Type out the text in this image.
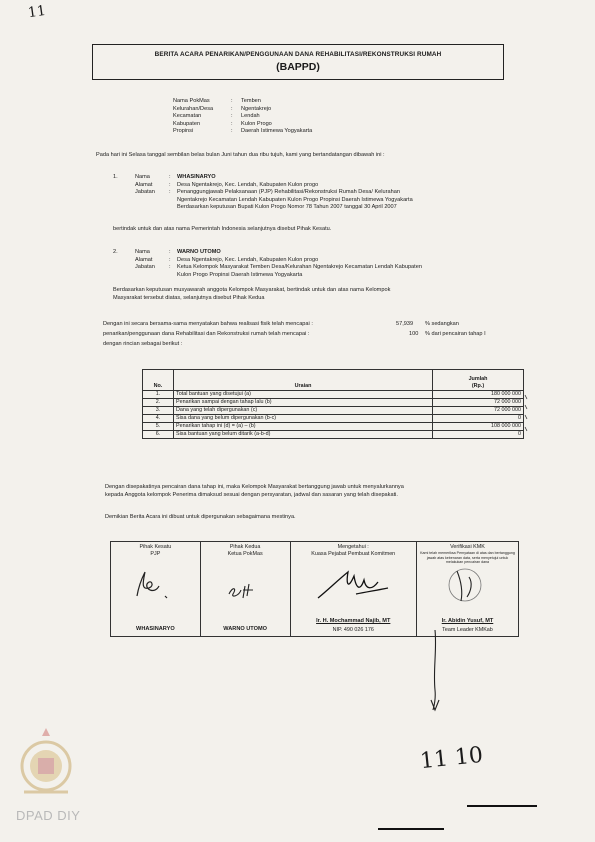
11
BERITA ACARA PENARIKAN/PENGGUNAAN DANA REHABILITASI/REKONSTRUKSI RUMAH
(BAPPD)
Nama PokMas	:	Temben
Kelurahan/Desa	:	Ngentakrejo
Kecamatan	:	Lendah
Kabupaten	:	Kulon Progo
Propinsi	:	Daerah Istimewa Yogyakarta
Pada hari ini Selasa tanggal sembilan belas bulan Juni tahun dua ribu tujuh, kami yang bertandatangan dibawah ini :
1.	Nama	:	WHASINARYO
	Alamat	:	Desa Ngentakrejo, Kec. Lendah, Kabupaten Kulon progo
	Jabatan	:	Penanggungjawab Pelaksanaan (PJP) Rehabilitasi/Rekonstruksi Rumah Desa/ Kelurahan
			Ngentakrejo Kecamatan Lendah Kabupaten Kulon Progo Propinsi Daerah Istimewa Yogyakarta
			Berdasarkan keputusan Bupati Kulon Progo Nomor 78 Tahun 2007 tanggal 30 April 2007
bertindak untuk dan atas nama Pemerintah Indonesia selanjutnya disebut Pihak Kesatu.
2.	Nama	:	WARNO UTOMO
	Alamat	:	Desa Ngentakrejo, Kec. Lendah, Kabupaten Kulon progo
	Jabatan	:	Ketua Kelompok Masyarakat Temben Desa/Kelurahan Ngentakrejo Kecamatan Lendah Kabupaten
			Kulon Progo Propinsi Daerah Istimewa Yogyakarta
Berdasarkan keputusan musyawarah anggota Kelompok Masyarakat, bertindak untuk dan atas nama Kelompok
Masyarakat tersebut diatas, selanjutnya disebut Pihak Kedua
Dengan ini secara bersama-sama menyatakan bahwa realisasi fisik telah mencapai :	57,939 % sedangkan
penarikan/penggunaan dana Rehabilitasi dan Rekonstruksi rumah telah mencapai :	100 % dari pencairan tahap I
dengan rincian sebagai berikut :
No.	Uraian	Jumlah
(Rp.)

1.	Total bantuan yang disetujui (a)	180 000 000
2.	Penarikan sampai dengan tahap lalu (b)	72 000 000
3.	Dana yang telah dipergunakan (c)	72 000 000
4.	Sisa dana yang belum dipergunakan (b-c)	0
5.	Penarikan tahap ini (d) = (a) – (b)	108 000 000
6.	Sisa bantuan yang belum ditarik (a-b-d)	0
Dengan disepakatinya pencairan dana tahap ini, maka Kelompok Masyarakat bertanggung jawab untuk menyalurkannya
kepada Anggota kelompok Penerima dimaksud sesuai dengan persyaratan, jadwal dan sasaran yang telah disepakati.
Demikian Berita Acara ini dibuat untuk dipergunakan sebagaimana mestinya.
Pihak Kesatu
PJP
WHASINARYO

Pihak Kedua
Ketua PokMas
WARNO UTOMO

Mengetahui :
Kuasa Pejabat Pembuat Komitmen
Ir. H. Mochammad Najib, MT
NIP. 490 026 176

Verifikasi KMK
Kami telah memeriksa Pernyataan di atas dan bertanggung jawab atas kebenaran data, serta menyetujui untuk melakukan pencairan dana
Ir. Abidin Yusuf, MT
Team Leader KMKab
11 10
DPAD DIY
